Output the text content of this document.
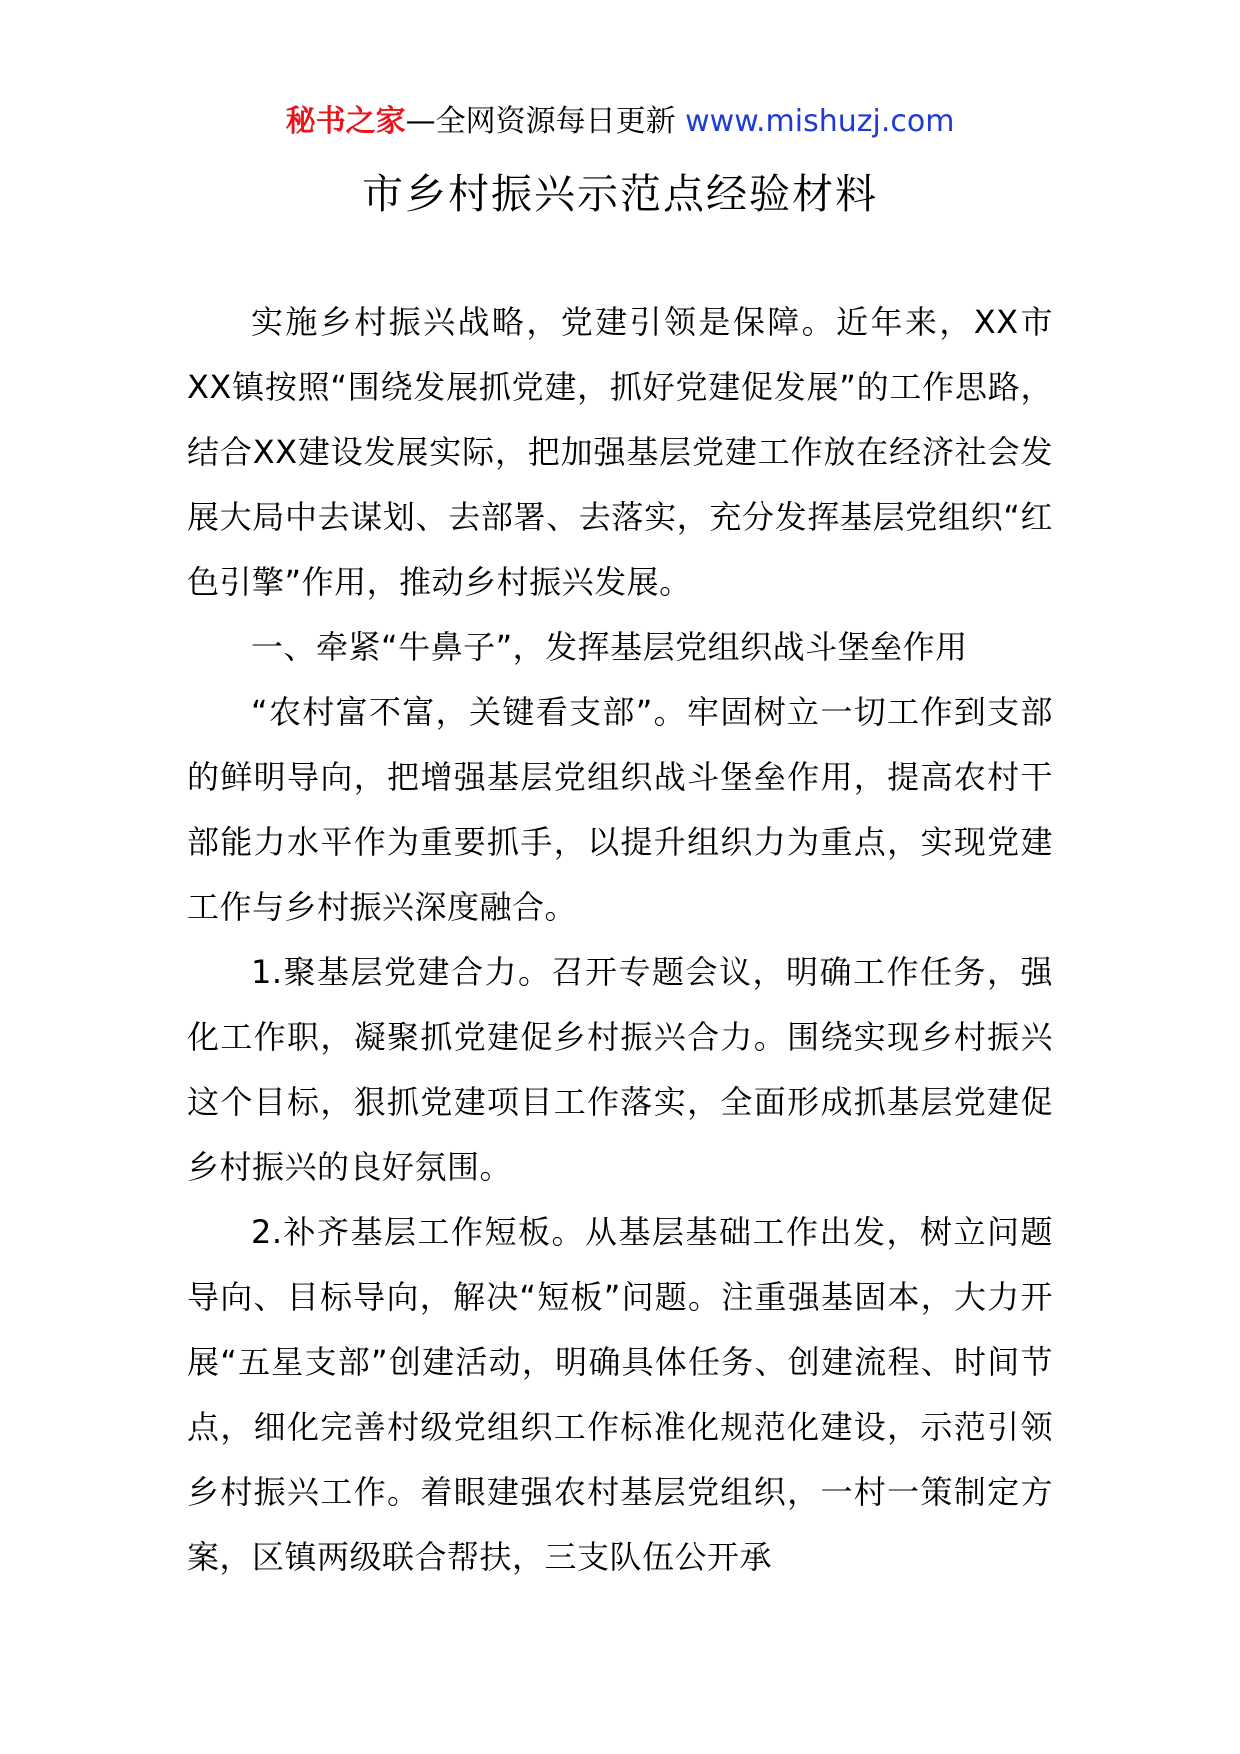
秘书之家—全网资源每日更新 www.mishuzj.com
市乡村振兴示范点经验材料

实施乡村振兴战略，党建引领是保障。近年来，XX市XX镇按照“围绕发展抓党建，抓好党建促发展”的工作思路，结合XX建设发展实际，把加强基层党建工作放在经济社会发展大局中去谋划、去部署、去落实，充分发挥基层党组织“红色引擎”作用，推动乡村振兴发展。

一、牵紧“牛鼻子”，发挥基层党组织战斗堡垒作用

“农村富不富，关键看支部”。牢固树立一切工作到支部的鲜明导向，把增强基层党组织战斗堡垒作用，提高农村干部能力水平作为重要抓手，以提升组织力为重点，实现党建工作与乡村振兴深度融合。

1.聚基层党建合力。召开专题会议，明确工作任务，强化工作职，凝聚抓党建促乡村振兴合力。围绕实现乡村振兴这个目标，狠抓党建项目工作落实，全面形成抓基层党建促乡村振兴的良好氛围。

2.补齐基层工作短板。从基层基础工作出发，树立问题导向、目标导向，解决“短板”问题。注重强基固本，大力开展“五星支部”创建活动，明确具体任务、创建流程、时间节点，细化完善村级党组织工作标准化规范化建设，示范引领乡村振兴工作。着眼建强农村基层党组织，一村一策制定方案，区镇两级联合帮扶，三支队伍公开承
